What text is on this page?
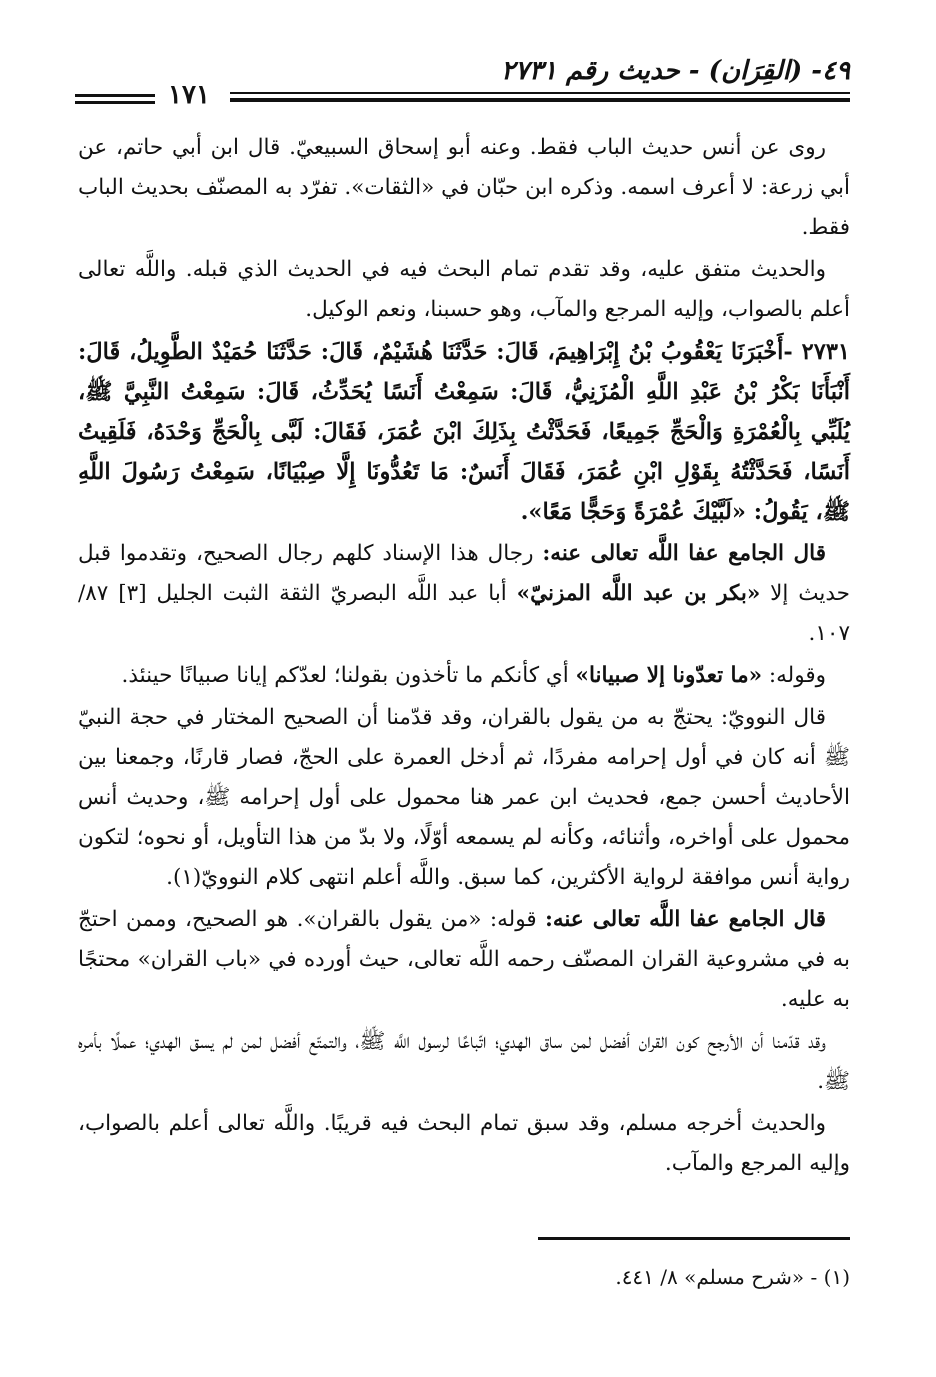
٤٩- (القِرَان) - حديث رقم ٢٧٣١
١٧١

روى عن أنس حديث الباب فقط. وعنه أبو إسحاق السبيعيّ. قال ابن أبي حاتم، عن أبي زرعة: لا أعرف اسمه. وذكره ابن حبّان في «الثقات». تفرّد به المصنّف بحديث الباب فقط.

والحديث متفق عليه، وقد تقدم تمام البحث فيه في الحديث الذي قبله. واللَّه تعالى أعلم بالصواب، وإليه المرجع والمآب، وهو حسبنا، ونعم الوكيل.

٢٧٣١ -أَخْبَرَنَا يَعْقُوبُ بْنُ إِبْرَاهِيمَ، قَالَ: حَدَّثَنَا هُشَيْمٌ، قَالَ: حَدَّثَنَا حُمَيْدٌ الطَّوِيلُ، قَالَ: أَنْبَأَنَا بَكْرُ بْنُ عَبْدِ اللَّهِ الْمُزَنِيُّ، قَالَ: سَمِعْتُ أَنَسًا يُحَدِّثُ، قَالَ: سَمِعْتُ النَّبِيَّ ﷺ، يُلَبِّي بِالْعُمْرَةِ وَالْحَجِّ جَمِيعًا، فَحَدَّثْتُ بِذَلِكَ ابْنَ عُمَرَ، فَقَالَ: لَبَّى بِالْحَجِّ وَحْدَهُ، فَلَقِيتُ أَنَسًا، فَحَدَّثْتُهُ بِقَوْلِ ابْنِ عُمَرَ، فَقَالَ أَنَسٌ: مَا تَعُدُّونَا إِلَّا صِبْيَانًا، سَمِعْتُ رَسُولَ اللَّهِ ﷺ، يَقُولُ: «لَبَّيْكَ عُمْرَةً وَحَجًّا مَعًا».

قال الجامع عفا اللَّه تعالى عنه: رجال هذا الإسناد كلهم رجال الصحيح، وتقدموا قبل حديث إلا «بكر بن عبد اللَّه المزنيّ» أبا عبد اللَّه البصريّ الثقة الثبت الجليل [٣] ٨٧/ ١٠٧.

وقوله: «ما تعدّونا إلا صبيانا» أي كأنكم ما تأخذون بقولنا؛ لعدّكم إيانا صبيانًا حينئذ.

قال النوويّ: يحتجّ به من يقول بالقران، وقد قدّمنا أن الصحيح المختار في حجة النبيّ ﷺ أنه كان في أول إحرامه مفردًا، ثم أدخل العمرة على الحجّ، فصار قارنًا، وجمعنا بين الأحاديث أحسن جمع، فحديث ابن عمر هنا محمول على أول إحرامه ﷺ، وحديث أنس محمول على أواخره، وأثنائه، وكأنه لم يسمعه أوّلًا، ولا بدّ من هذا التأويل، أو نحوه؛ لتكون رواية أنس موافقة لرواية الأكثرين، كما سبق. واللَّه أعلم انتهى كلام النوويّ(١).

قال الجامع عفا اللَّه تعالى عنه: قوله: «من يقول بالقران». هو الصحيح، وممن احتجّ به في مشروعية القران المصنّف رحمه اللَّه تعالى، حيث أورده في «باب القران» محتجًا به عليه.

وقد قدّمنا أن الأرجح كون القران أفضل لمن ساق الهدي؛ اتّباعًا لرسول اللَّه ﷺ، والتمتّع أفضل لمن لم يسق الهدي؛ عملًا بأمره ﷺ.

والحديث أخرجه مسلم، وقد سبق تمام البحث فيه قريبًا. واللَّه تعالى أعلم بالصواب، وإليه المرجع والمآب.

(١) - «شرح مسلم» ٨/ ٤٤١.
